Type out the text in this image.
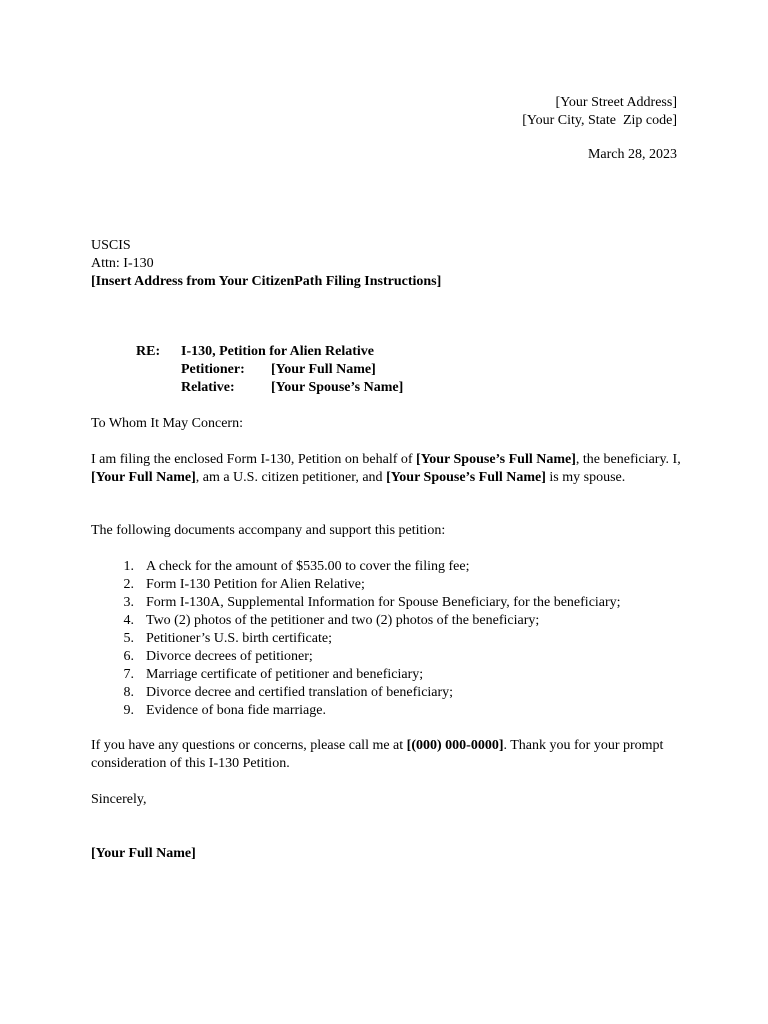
[Your Street Address]
[Your City, State  Zip code]
March 28, 2023
USCIS
Attn: I-130
[Insert Address from Your CitizenPath Filing Instructions]
RE:	I-130, Petition for Alien Relative
Petitioner:	[Your Full Name]
Relative:	[Your Spouse’s Name]
To Whom It May Concern:
I am filing the enclosed Form I-130, Petition on behalf of [Your Spouse’s Full Name], the beneficiary. I, [Your Full Name], am a U.S. citizen petitioner, and [Your Spouse’s Full Name] is my spouse.
The following documents accompany and support this petition:
1. A check for the amount of $535.00 to cover the filing fee;
2. Form I-130 Petition for Alien Relative;
3. Form I-130A, Supplemental Information for Spouse Beneficiary, for the beneficiary;
4. Two (2) photos of the petitioner and two (2) photos of the beneficiary;
5. Petitioner’s U.S. birth certificate;
6. Divorce decrees of petitioner;
7. Marriage certificate of petitioner and beneficiary;
8. Divorce decree and certified translation of beneficiary;
9. Evidence of bona fide marriage.
If you have any questions or concerns, please call me at [(000) 000-0000]. Thank you for your prompt consideration of this I-130 Petition.
Sincerely,
[Your Full Name]
